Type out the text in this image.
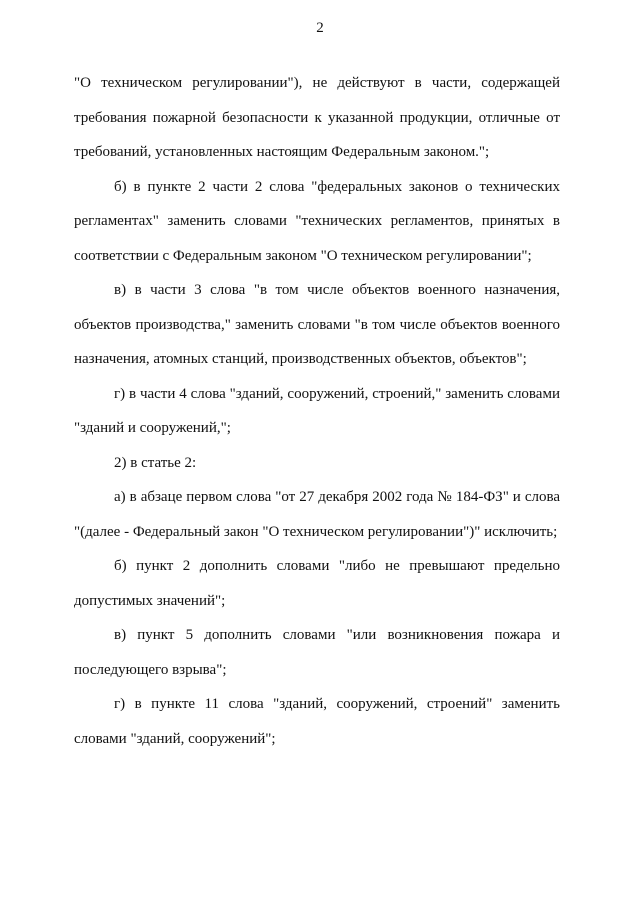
2

"О техническом регулировании"), не действуют в части, содержащей требования пожарной безопасности к указанной продукции, отличные от требований, установленных настоящим Федеральным законом.";

б) в пункте 2 части 2 слова "федеральных законов о технических регламентах" заменить словами "технических регламентов, принятых в соответствии с Федеральным законом "О техническом регулировании";

в) в части 3 слова "в том числе объектов военного назначения, объектов производства," заменить словами "в том числе объектов военного назначения, атомных станций, производственных объектов, объектов";

г) в части 4 слова "зданий, сооружений, строений," заменить словами "зданий и сооружений,";

2) в статье 2:

а) в абзаце первом слова "от 27 декабря 2002 года № 184-ФЗ" и слова "(далее - Федеральный закон "О техническом регулировании")" исключить;

б) пункт 2 дополнить словами "либо не превышают предельно допустимых значений";

в) пункт 5 дополнить словами "или возникновения пожара и последующего взрыва";

г) в пункте 11 слова "зданий, сооружений, строений" заменить словами "зданий, сооружений";
